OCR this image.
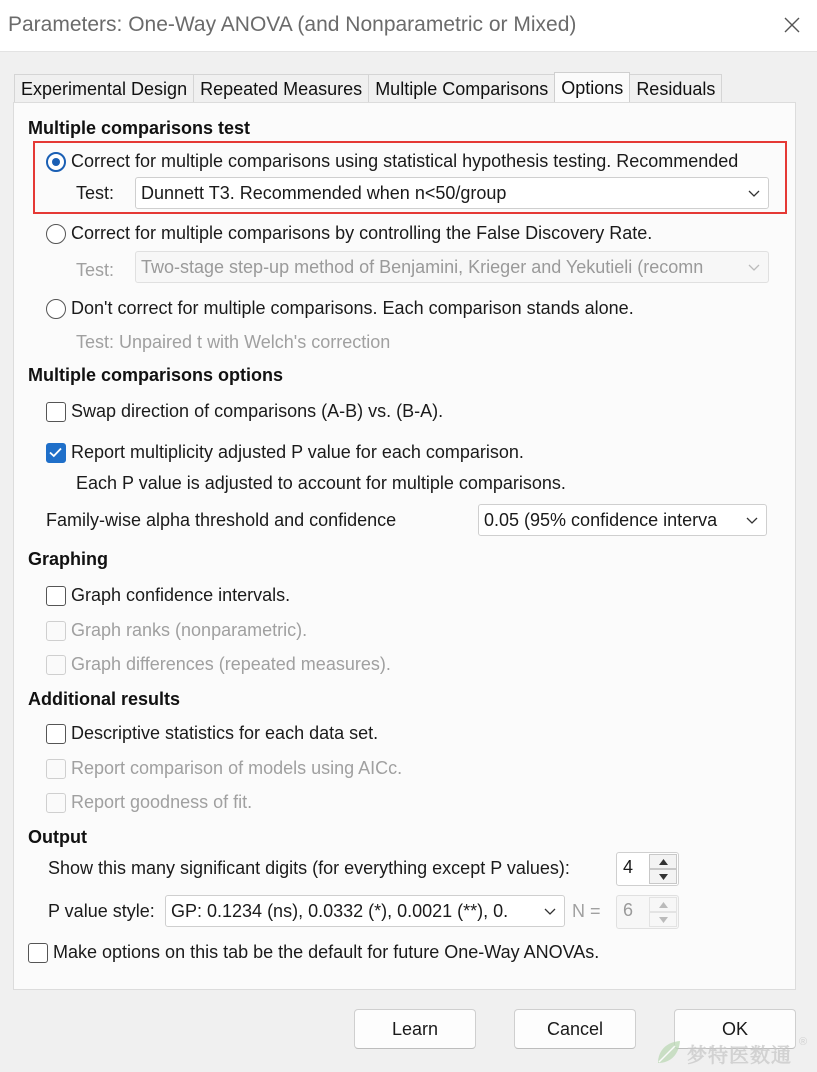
Parameters: One-Way ANOVA (and Nonparametric or Mixed)
Experimental Design Repeated Measures Multiple Comparisons Options Residuals
Multiple comparisons test
Correct for multiple comparisons using statistical hypothesis testing. Recommended
Test:	Dunnett T3. Recommended when n<50/group
Correct for multiple comparisons by controlling the False Discovery Rate.
Test:	Two-stage step-up method of Benjamini, Krieger and Yekutieli (recomn
Don't correct for multiple comparisons. Each comparison stands alone.
Test: Unpaired t with Welch's correction
Multiple comparisons options
Swap direction of comparisons (A-B) vs. (B-A).
Report multiplicity adjusted P value for each comparison.
Each P value is adjusted to account for multiple comparisons.
Family-wise alpha threshold and confidence	0.05 (95% confidence interva
Graphing
Graph confidence intervals.
Graph ranks (nonparametric).
Graph differences (repeated measures).
Additional results
Descriptive statistics for each data set.
Report comparison of models using AICc.
Report goodness of fit.
Output
Show this many significant digits (for everything except P values):	4
P value style: GP: 0.1234 (ns), 0.0332 (*), 0.0021 (**), 0.	N = 6
Make options on this tab be the default for future One-Way ANOVAs.
Learn	Cancel	OK
梦特医数通
®
